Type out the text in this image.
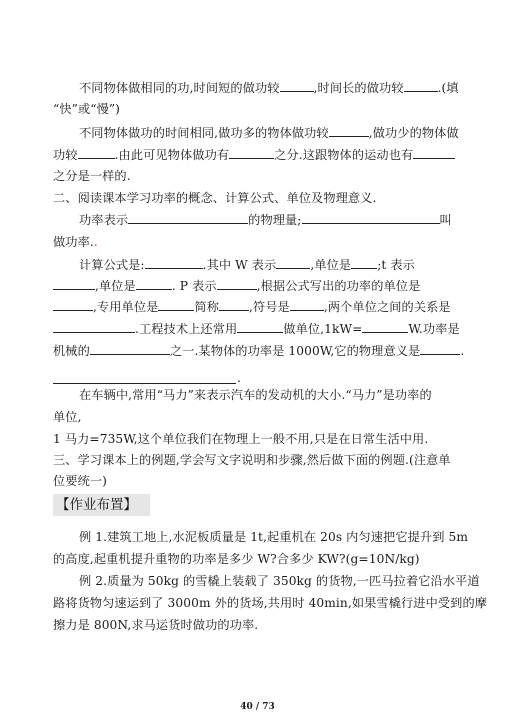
不同物体做相同的功,时间短的做功较	,时间长的做功较	.(填
“快”或“慢”)
不同物体做功的时间相同,做功多的物体做功较	,做功少的物体做
功较	.由此可见物体做功有	之分.这跟物体的运动也有
之分是一样的.
二、阅读课本学习功率的概念、计算公式、单位及物理意义.
功率表示	的物理量;	叫
做功率..
计算公式是:	.其中 W 表示	,单位是 ;t 表示
,单位是	. P 表示	,根据公式写出的功率的单位是
,专用单位是	简称 ,符号是	,两个单位之间的关系是
.工程技术上还常用	做单位,1kW=	W.功率是
机械的	之一.某物体的功率是 1000W,它的物理意义是	.
.
在车辆中,常用“马力”来表示汽车的发动机的大小.“马力”是功率的
单位,
1 马力=735W,这个单位我们在物理上一般不用,只是在日常生活中用.
三、学习课本上的例题,学会写文字说明和步骤,然后做下面的例题.(注意单
位要统一)
【作业布置】
例 1.建筑工地上,水泥板质量是 1t,起重机在 20s 内匀速把它提升到 5m
的高度,起重机提升重物的功率是多少 W?合多少 KW?(g=10N/kg)
例 2.质量为 50kg 的雪橇上装载了 350kg 的货物,一匹马拉着它沿水平道
路将货物匀速运到了 3000m 外的货场,共用时 40min,如果雪橇行进中受到的摩
擦力是 800N,求马运货时做功的功率.
40 / 73
